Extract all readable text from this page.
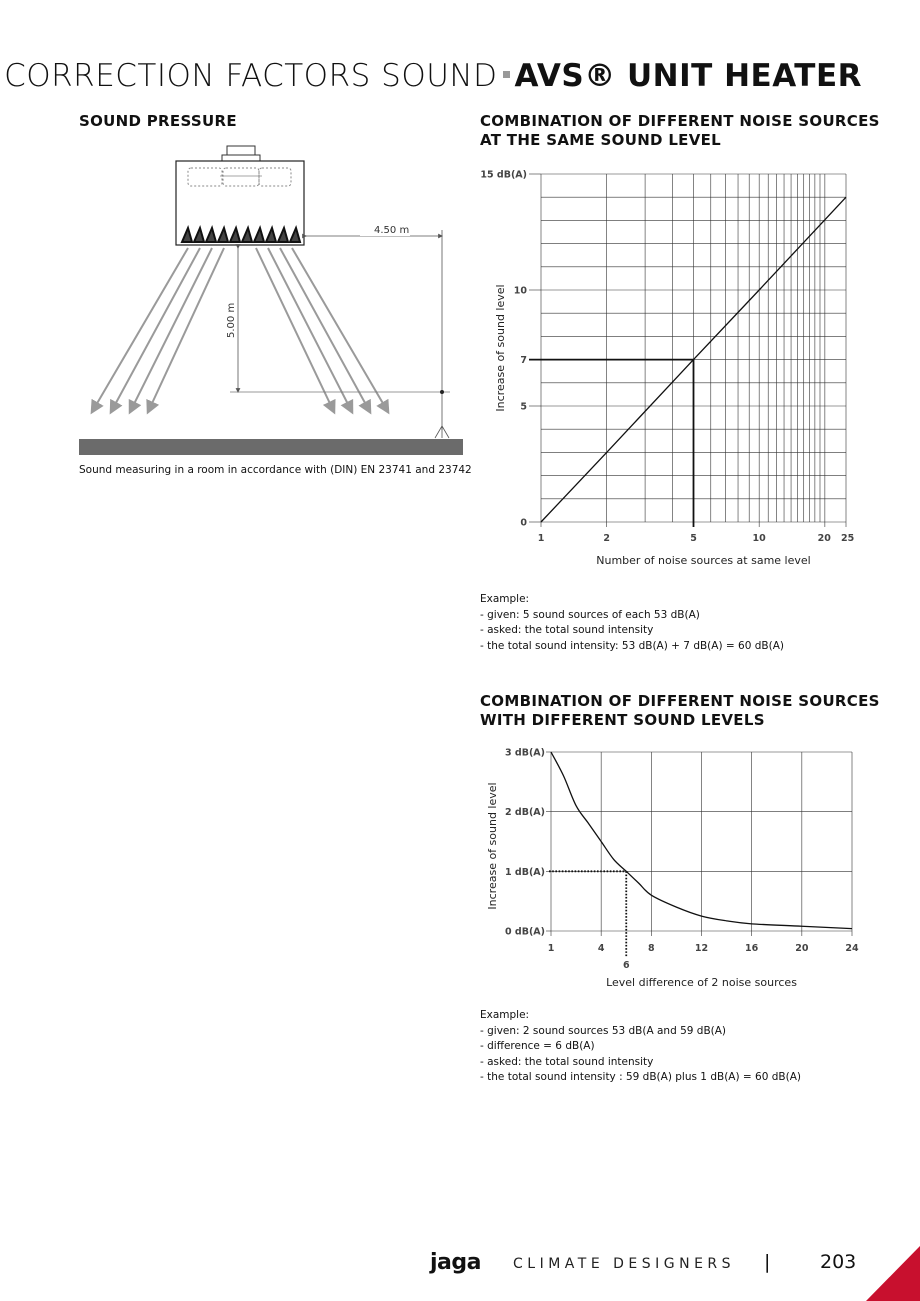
CORRECTION FACTORS SOUND AVS® UNIT HEATER
SOUND PRESSURE
4.50 m
5.00 m
Sound measuring in a room in accordance with (DIN) EN 23741 and 23742
COMBINATION OF DIFFERENT NOISE SOURCES
AT THE SAME SOUND LEVEL
0
5
7
10
15 dB(A)
1	2	5	10	20 25
Number of noise sources at same level
Increase of sound level
Example:
- given: 5 sound sources of each 53 dB(A)
- asked: the total sound intensity
- the total sound intensity: 53 dB(A) + 7 dB(A) = 60 dB(A)
COMBINATION OF DIFFERENT NOISE SOURCES
WITH DIFFERENT SOUND LEVELS
0 dB(A)
1 dB(A)
2 dB(A)
3 dB(A)
1	4	8	12	16	20	24
6
Level difference of 2 noise sources
Increase of sound level
Example:
- given: 2 sound sources 53 dB(A and 59 dB(A)
- difference = 6 dB(A)
- asked: the total sound intensity
- the total sound intensity : 59 dB(A) plus 1 dB(A) = 60 dB(A)
jaga CLIMATE DESIGNERS |	203
